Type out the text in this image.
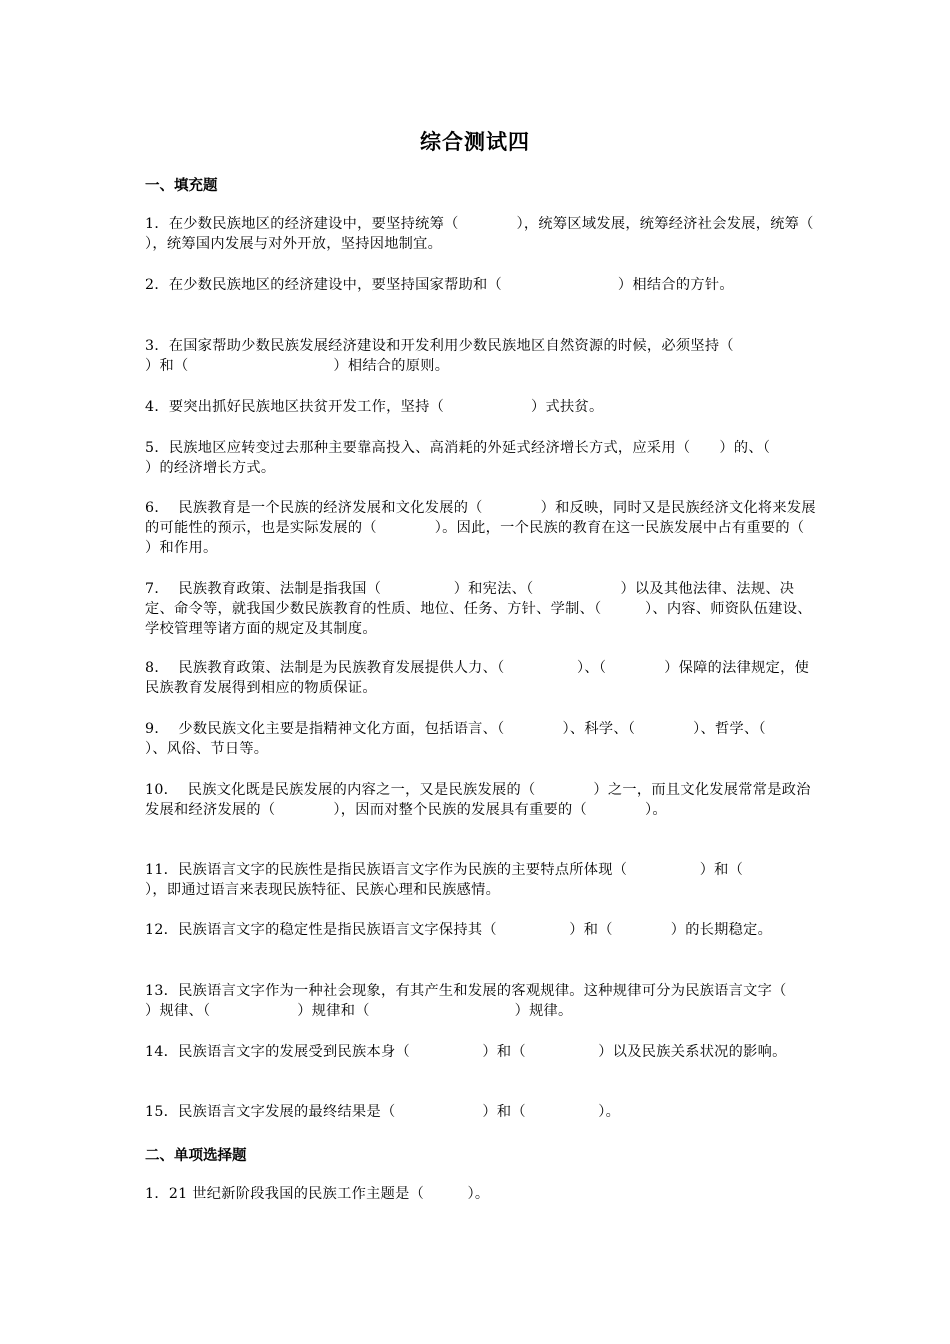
综合测试四
一、填充题
1．在少数民族地区的经济建设中，要坚持统筹（　　　　），统筹区域发展，统筹经济社会发展，统筹（　　　　　　　），统筹国内发展与对外开放，坚持因地制宜。
2．在少数民族地区的经济建设中，要坚持国家帮助和（　　　　　　　　）相结合的方针。
3．在国家帮助少数民族发展经济建设和开发利用少数民族地区自然资源的时候，必须坚持（　　　　　　）和（　　　　　　　　　　）相结合的原则。
4．要突出抓好民族地区扶贫开发工作，坚持（　　　　　　）式扶贫。
5．民族地区应转变过去那种主要靠高投入、高消耗的外延式经济增长方式，应采用（　　）的、（　　　　）的经济增长方式。
6．  民族教育是一个民族的经济发展和文化发展的（　　　　）和反映，同时又是民族经济文化将来发展的可能性的预示，也是实际发展的（　　　　）。因此，一个民族的教育在这一民族发展中占有重要的（　　　　）和作用。
7．  民族教育政策、法制是指我国（　　　　　）和宪法、（　　　　　　）以及其他法律、法规、决定、命令等，就我国少数民族教育的性质、地位、任务、方针、学制、（　　　）、内容、师资队伍建设、学校管理等诸方面的规定及其制度。
8．  民族教育政策、法制是为民族教育发展提供人力、（　　　　　）、（　　　　）保障的法律规定，使民族教育发展得到相应的物质保证。
9．  少数民族文化主要是指精神文化方面，包括语言、（　　　　）、科学、（　　　　）、哲学、（　　　　　）、风俗、节日等。
10．  民族文化既是民族发展的内容之一，又是民族发展的（　　　　）之一，而且文化发展常常是政治发展和经济发展的（　　　　），因而对整个民族的发展具有重要的（　　　　）。
11．民族语言文字的民族性是指民族语言文字作为民族的主要特点所体现（　　　　　）和（　　　　　　），即通过语言来表现民族特征、民族心理和民族感情。
12．民族语言文字的稳定性是指民族语言文字保持其（　　　　　）和（　　　　）的长期稳定。
13．民族语言文字作为一种社会现象，有其产生和发展的客观规律。这种规律可分为民族语言文字（　　　　　）规律、（　　　　　　）规律和（　　　　　　　　　　）规律。
14．民族语言文字的发展受到民族本身（　　　　　）和（　　　　　）以及民族关系状况的影响。
15．民族语言文字发展的最终结果是（　　　　　　）和（　　　　　）。
二、单项选择题
1．21 世纪新阶段我国的民族工作主题是（　　　）。
